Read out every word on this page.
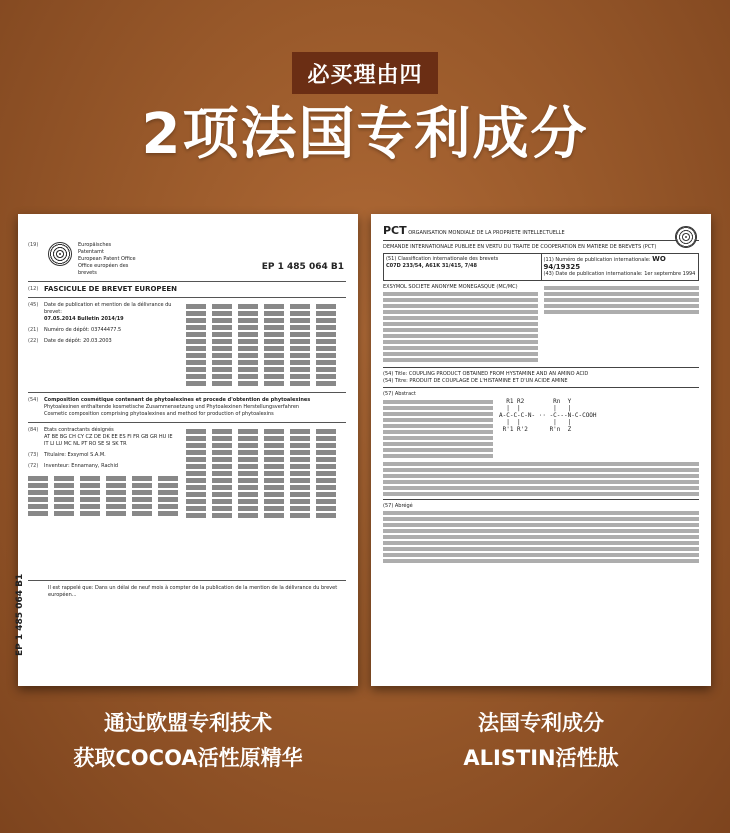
必买理由四
2项法国专利成分
(19)	Europäisches Patentamt
European Patent Office
Office européen des brevets
EP 1 485 064 B1
(12) FASCICULE DE BREVET EUROPEEN
(45)	Date de publication et mention de la délivrance du brevet:
07.05.2014 Bulletin 2014/19
(21)	Numéro de dépôt: 03744477.5
(22)	Date de dépôt: 20.03.2003
(54)	Composition cosmétique contenant de phytoalexines et procede d'obtention de phytoalexines
Phytoalexinen enthaltende kosmetische Zusammensetzung und Phytoalexinen Herstellungsverfahren
Cosmetic composition comprising phytoalexines and method for production of phytoalexins
(84)	Etats contractants désignés
AT BE BG CH CY CZ DE DK EE ES FI FR GB GR HU IE IT LI LU MC NL PT RO SE SI SK TR
(73)	Titulaire: Exsymol S.A.M.
(72)	Inventeur: Ennamany, Rachid
Il est rappelé que: Dans un délai de neuf mois à compter de la publication de la mention de la délivrance du brevet européen...
EP 1 485 064 B1
PCT ORGANISATION MONDIALE DE LA PROPRIETE INTELLECTUELLE
DEMANDE INTERNATIONALE PUBLIEE EN VERTU DU TRAITE DE COOPERATION EN MATIERE DE BREVETS (PCT)
(51) Classification internationale des brevets
C07D 233/54, A61K 31/415, 7/48
(11) Numéro de publication internationale: WO 94/19325
(43) Date de publication internationale: 1er septembre 1994
EXSYMOL SOCIETE ANONYME MONEGASQUE (MC/MC)
(54) Title: COUPLING PRODUCT OBTAINED FROM HYSTAMINE AND AN AMINO ACID
(54) Titre: PRODUIT DE COUPLAGE DE L'HISTAMINE ET D'UN ACIDE AMINE
(57) Abstract
R1 R2        Rn  Y
|  |         |   |
A-C-C-C-N- ·· -C---N-C-COOH
|  |         |   |
R'1 R'2      R'n  Z
(57) Abrégé
通过欧盟专利技术
获取COCOA活性原精华
法国专利成分
ALISTIN活性肽
